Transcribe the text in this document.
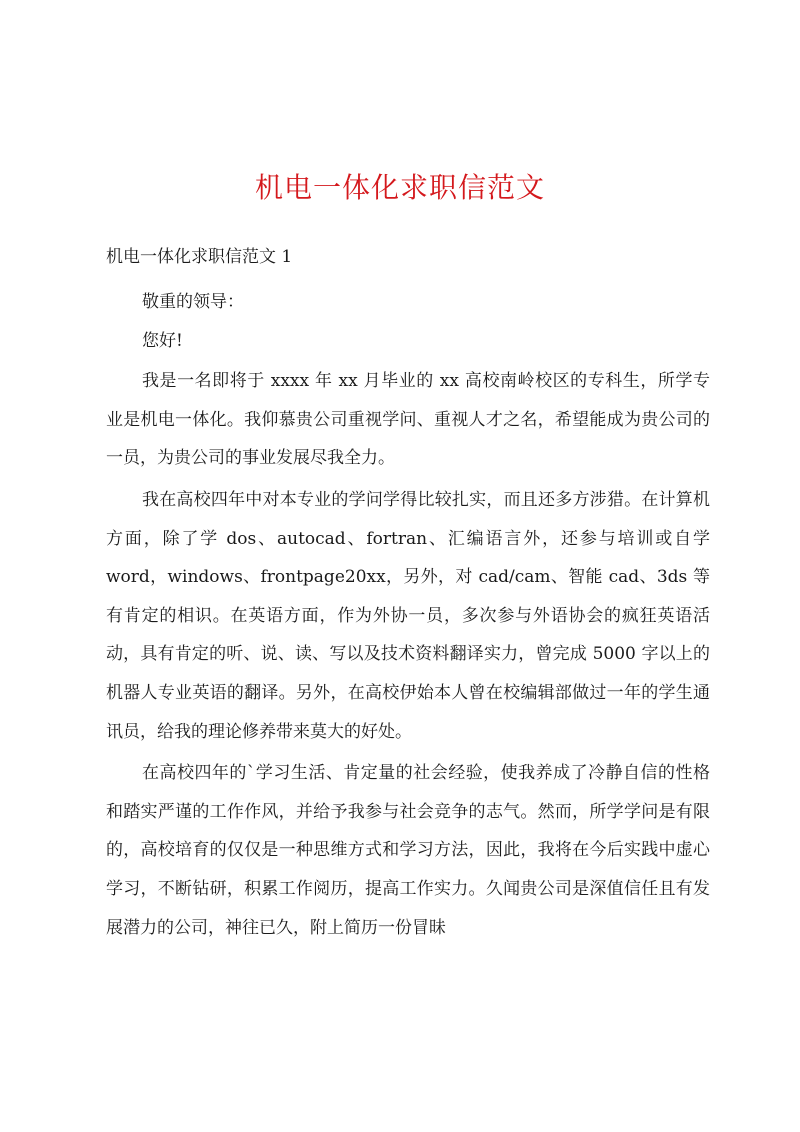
机电一体化求职信范文

机电一体化求职信范文 1

敬重的领导：

您好!

我是一名即将于 xxxx 年 xx 月毕业的 xx 高校南岭校区的专科生，所学专业是机电一体化。我仰慕贵公司重视学问、重视人才之名，希望能成为贵公司的一员，为贵公司的事业发展尽我全力。

我在高校四年中对本专业的学问学得比较扎实，而且还多方涉猎。在计算机方面，除了学 dos、autocad、fortran、汇编语言外，还参与培训或自学 word，windows、frontpage20xx，另外，对 cad/cam、智能 cad、3ds 等有肯定的相识。在英语方面，作为外协一员，多次参与外语协会的疯狂英语活动，具有肯定的听、说、读、写以及技术资料翻译实力，曾完成 5000 字以上的机器人专业英语的翻译。另外，在高校伊始本人曾在校编辑部做过一年的学生通讯员，给我的理论修养带来莫大的好处。

在高校四年的`学习生活、肯定量的社会经验，使我养成了冷静自信的性格和踏实严谨的工作作风，并给予我参与社会竞争的志气。然而，所学学问是有限的，高校培育的仅仅是一种思维方式和学习方法，因此，我将在今后实践中虚心学习，不断钻研，积累工作阅历，提高工作实力。久闻贵公司是深值信任且有发展潜力的公司，神往已久，附上简历一份冒昧
